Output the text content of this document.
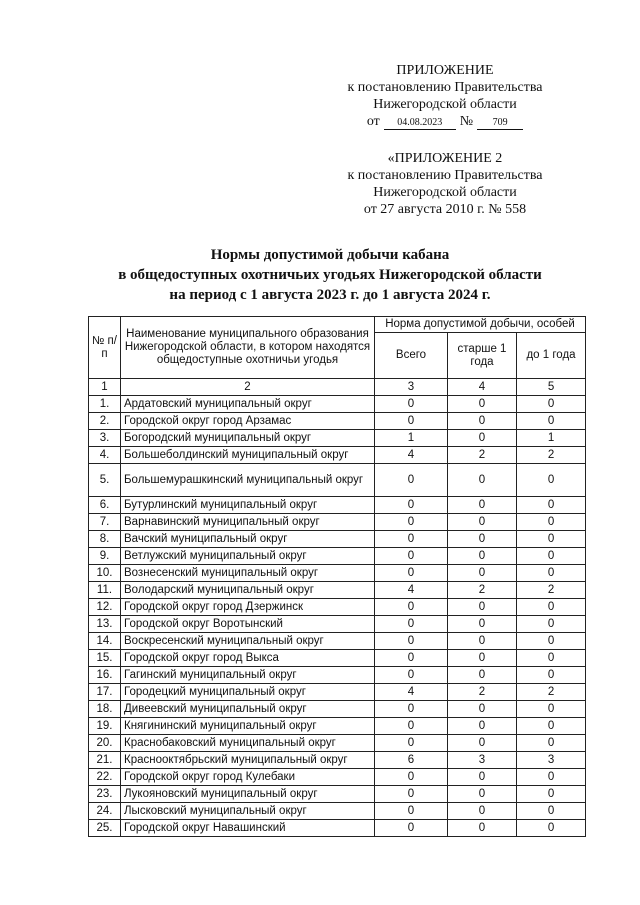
ПРИЛОЖЕНИЕ
к постановлению Правительства
Нижегородской области
от	04.08.2023	№	709
«ПРИЛОЖЕНИЕ 2
к постановлению Правительства
Нижегородской области
от 27 августа 2010 г. № 558
Нормы допустимой добычи кабана
в общедоступных охотничьих угодьях Нижегородской области
на период с 1 августа 2023 г. до 1 августа 2024 г.
№ п/п	Наименование муниципального образования Нижегородской области, в котором находятся общедоступные охотничьи угодья	Норма допустимой добычи, особей		
		Всего	старше 1 года	до 1 года
1	2	3	4	5
1.	Ардатовский муниципальный округ	0	0	0
2.	Городской округ город Арзамас	0	0	0
3.	Богородский муниципальный округ	1	0	1
4.	Большеболдинский муниципальный округ	4	2	2
5.	Большемурашкинский муниципальный округ	0	0	0
6.	Бутурлинский муниципальный округ	0	0	0
7.	Варнавинский муниципальный округ	0	0	0
8.	Вачский муниципальный округ	0	0	0
9.	Ветлужский муниципальный округ	0	0	0
10.	Вознесенский муниципальный округ	0	0	0
11.	Володарский муниципальный округ	4	2	2
12.	Городской округ город Дзержинск	0	0	0
13.	Городской округ Воротынский	0	0	0
14.	Воскресенский муниципальный округ	0	0	0
15.	Городской округ город Выкса	0	0	0
16.	Гагинский муниципальный округ	0	0	0
17.	Городецкий муниципальный округ	4	2	2
18.	Дивеевский муниципальный округ	0	0	0
19.	Княгининский муниципальный округ	0	0	0
20.	Краснобаковский муниципальный округ	0	0	0
21.	Краснооктябрьский муниципальный округ	6	3	3
22.	Городской округ город Кулебаки	0	0	0
23.	Лукояновский муниципальный округ	0	0	0
24.	Лысковский муниципальный округ	0	0	0
25.	Городской округ Навашинский	0	0	0
